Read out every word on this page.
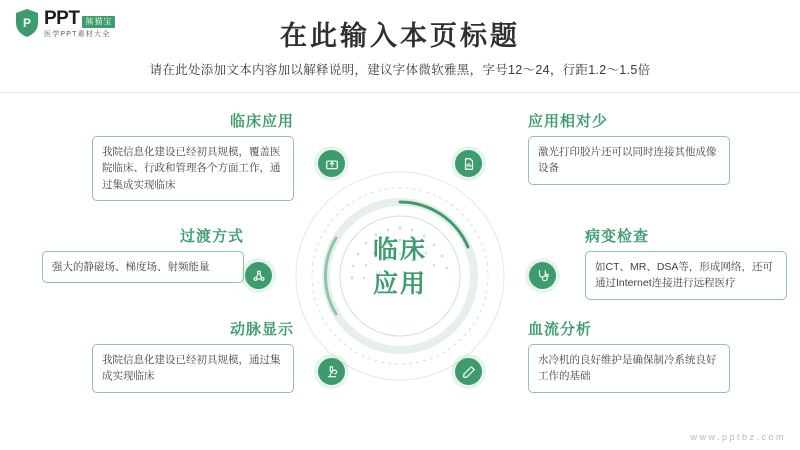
P PPT 熊猫宝
医学PPT素材大全	在此输入本页标题
请在此处添加文本内容加以解释说明，建议字体微软雅黑，字号12～24，行距1.2～1.5倍
临床
应用
临床应用
我院信息化建设已经初具规模，覆盖医院临床、行政和管理各个方面工作，通过集成实现临床
过渡方式
强大的静磁场、梯度场、射频能量
动脉显示
我院信息化建设已经初具规模，通过集成实现临床
应用相对少
激光打印胶片还可以同时连接其他成像设备
病变检查
如CT、MR、DSA等，形成网络，还可通过Internet连接进行远程医疗
血流分析
水冷机的良好维护是确保制冷系统良好工作的基础
www.pptbz.com
